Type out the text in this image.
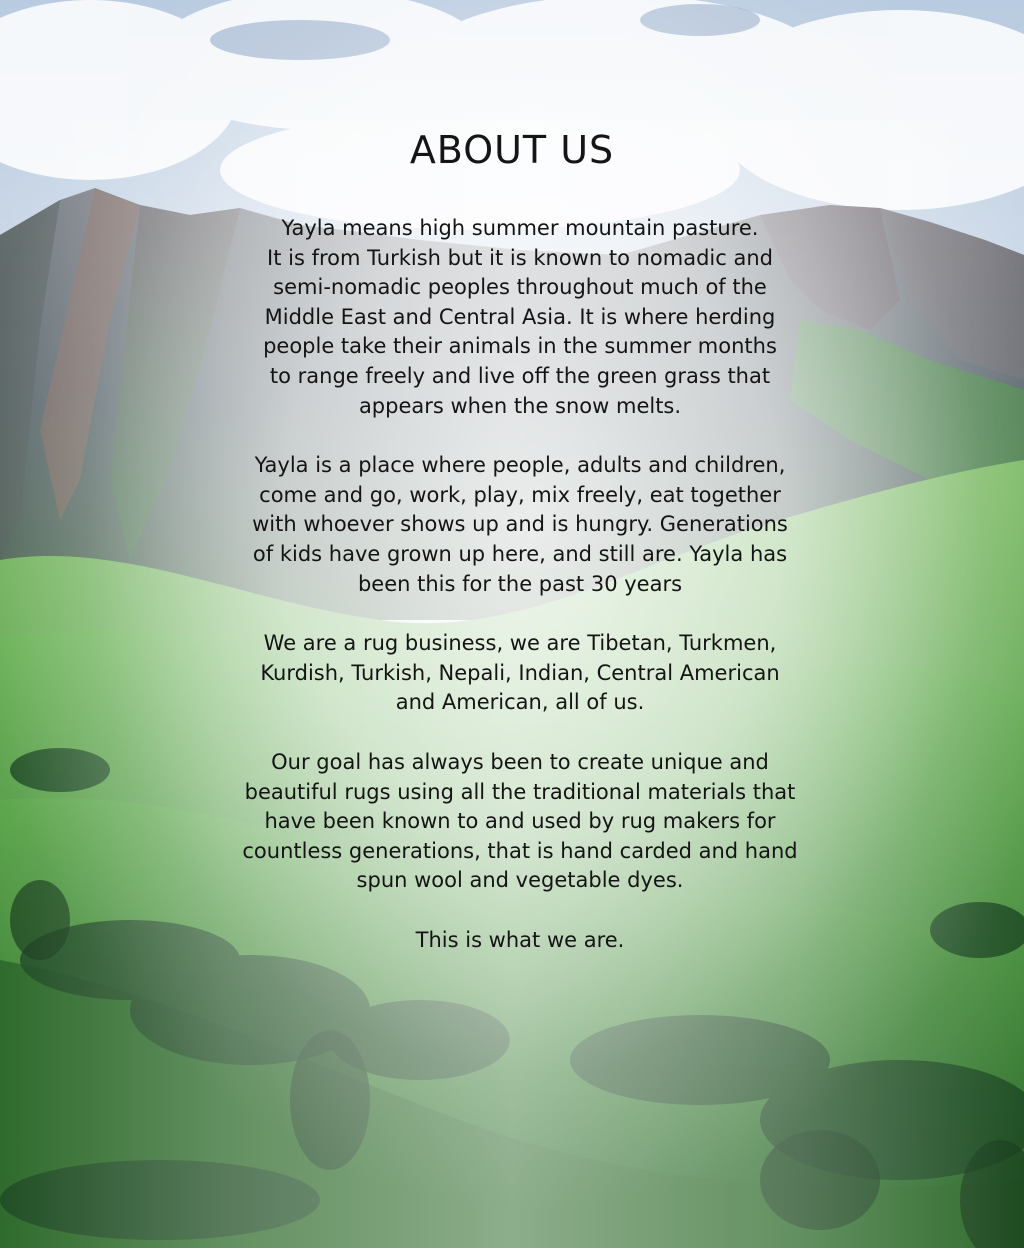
ABOUT US

Yayla means high summer mountain pasture.
It is from Turkish but it is known to nomadic and
semi-nomadic peoples throughout much of the
Middle East and Central Asia. It is where herding
people take their animals in the summer months
to range freely and live off the green grass that
appears when the snow melts.

Yayla is a place where people, adults and children,
come and go, work, play, mix freely, eat together
with whoever shows up and is hungry. Generations
of kids have grown up here, and still are. Yayla has
been this for the past 30 years

We are a rug business, we are Tibetan, Turkmen,
Kurdish, Turkish, Nepali, Indian, Central American
and American, all of us.

Our goal has always been to create unique and
beautiful rugs using all the traditional materials that
have been known to and used by rug makers for
countless generations, that is hand carded and hand
spun wool and vegetable dyes.

This is what we are.
